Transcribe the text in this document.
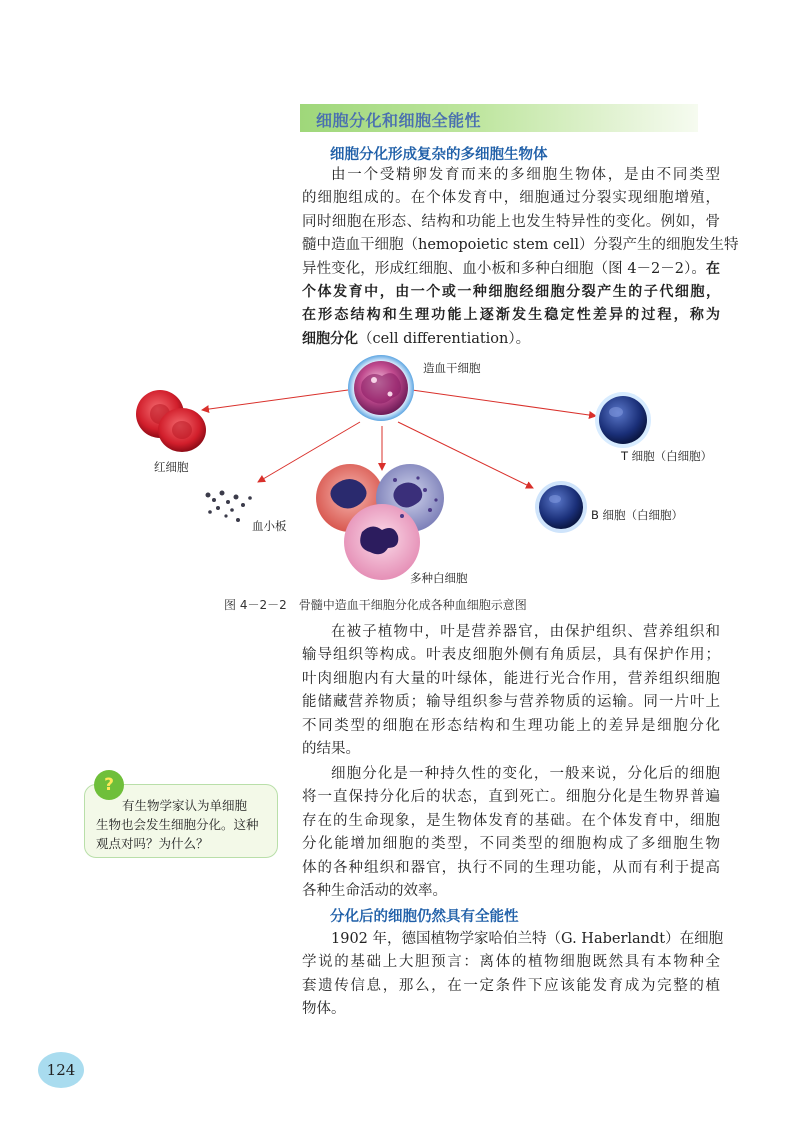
细胞分化和细胞全能性
细胞分化形成复杂的多细胞生物体
由一个受精卵发育而来的多细胞生物体，是由不同类型
的细胞组成的。在个体发育中，细胞通过分裂实现细胞增殖，
同时细胞在形态、结构和功能上也发生特异性的变化。例如，骨
髓中造血干细胞（hemopoietic stem cell）分裂产生的细胞发生特
异性变化，形成红细胞、血小板和多种白细胞（图 4－2－2）。在
个体发育中，由一个或一种细胞经细胞分裂产生的子代细胞，
在形态结构和生理功能上逐渐发生稳定性差异的过程，称为
细胞分化（cell differentiation）。
造血干细胞
红细胞
血小板
T 细胞（白细胞）
B 细胞（白细胞）
多种白细胞
图 4－2－2　骨髓中造血干细胞分化成各种血细胞示意图
在被子植物中，叶是营养器官，由保护组织、营养组织和
输导组织等构成。叶表皮细胞外侧有角质层，具有保护作用；
叶肉细胞内有大量的叶绿体，能进行光合作用，营养组织细胞
能储藏营养物质；输导组织参与营养物质的运输。同一片叶上
不同类型的细胞在形态结构和生理功能上的差异是细胞分化
的结果。
细胞分化是一种持久性的变化，一般来说，分化后的细胞
将一直保持分化后的状态，直到死亡。细胞分化是生物界普遍
存在的生命现象，是生物体发育的基础。在个体发育中，细胞
分化能增加细胞的类型，不同类型的细胞构成了多细胞生物
体的各种组织和器官，执行不同的生理功能，从而有利于提高
各种生命活动的效率。
?
有生物学家认为单细胞
生物也会发生细胞分化。这种
观点对吗？为什么？
分化后的细胞仍然具有全能性
1902 年，德国植物学家哈伯兰特（G. Haberlandt）在细胞
学说的基础上大胆预言：离体的植物细胞既然具有本物种全
套遗传信息，那么，在一定条件下应该能发育成为完整的植
物体。
124
